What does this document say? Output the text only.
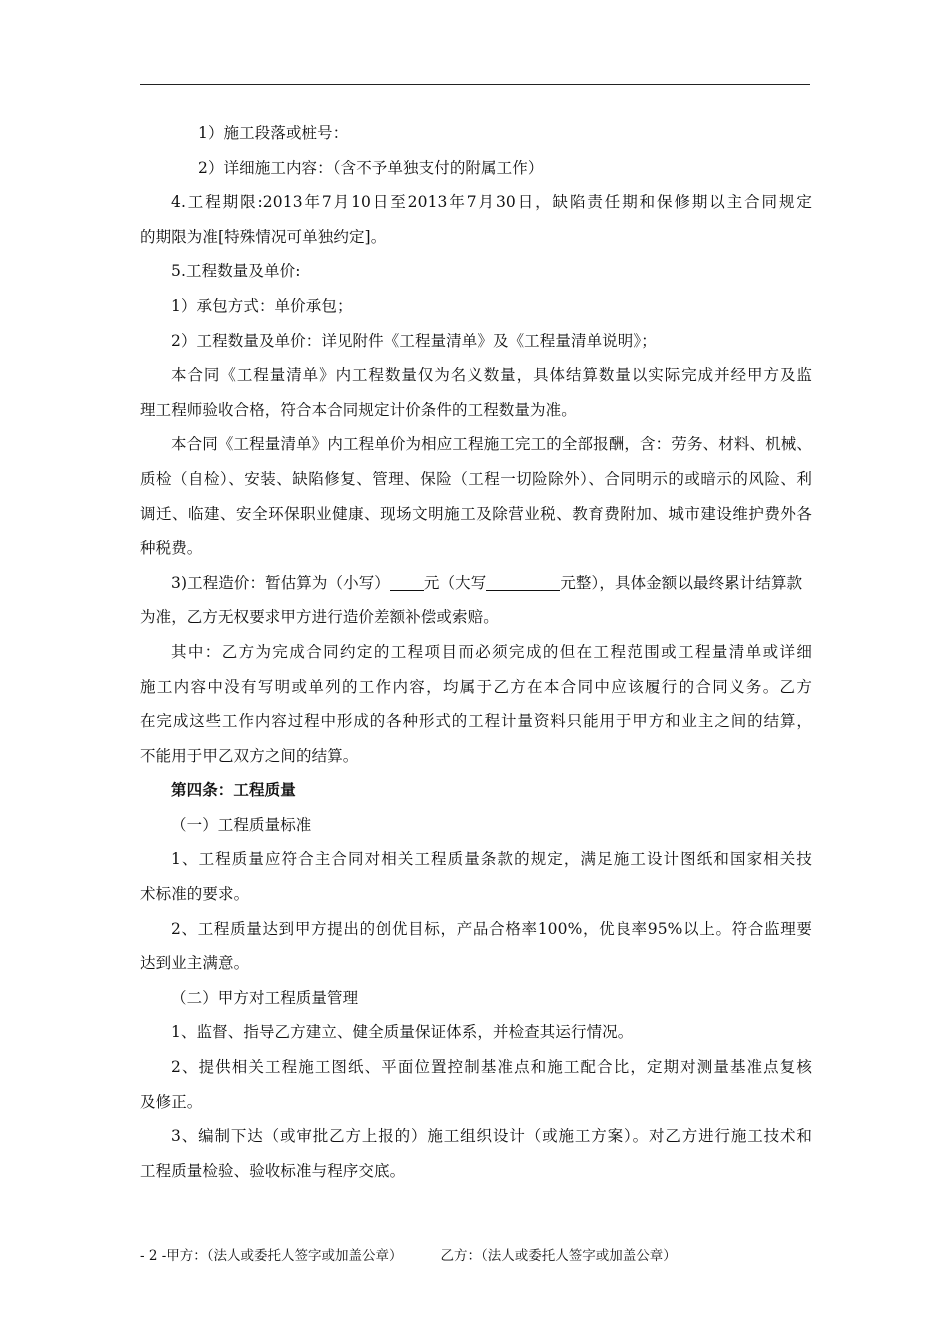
1）施工段落或桩号：
2）详细施工内容：（含不予单独支付的附属工作）
4.工程期限:2013年7月10日至2013年7月30日，缺陷责任期和保修期以主合同规定
的期限为准[特殊情况可单独约定]。
5.工程数量及单价:
1）承包方式：单价承包；
2）工程数量及单价：详见附件《工程量清单》及《工程量清单说明》；
本合同《工程量清单》内工程数量仅为名义数量，具体结算数量以实际完成并经甲方及监
理工程师验收合格，符合本合同规定计价条件的工程数量为准。
本合同《工程量清单》内工程单价为相应工程施工完工的全部报酬，含：劳务、材料、机械、
质检（自检）、安装、缺陷修复、管理、保险（工程一切险除外）、合同明示的或暗示的风险、利
调迁、临建、安全环保职业健康、现场文明施工及除营业税、教育费附加、城市建设维护费外各
种税费。
3)工程造价：暂估算为（小写） 元（大写	元整），具体金额以最终累计结算款
为准，乙方无权要求甲方进行造价差额补偿或索赔。
其中：乙方为完成合同约定的工程项目而必须完成的但在工程范围或工程量清单或详细
施工内容中没有写明或单列的工作内容，均属于乙方在本合同中应该履行的合同义务。乙方
在完成这些工作内容过程中形成的各种形式的工程计量资料只能用于甲方和业主之间的结算，
不能用于甲乙双方之间的结算。
第四条：工程质量
（一）工程质量标准
1、工程质量应符合主合同对相关工程质量条款的规定，满足施工设计图纸和国家相关技
术标准的要求。
2、工程质量达到甲方提出的创优目标，产品合格率100%，优良率95%以上。符合监理要
达到业主满意。
（二）甲方对工程质量管理
1、监督、指导乙方建立、健全质量保证体系，并检查其运行情况。
2、提供相关工程施工图纸、平面位置控制基准点和施工配合比，定期对测量基准点复核
及修正。
3、编制下达（或审批乙方上报的）施工组织设计（或施工方案）。对乙方进行施工技术和
工程质量检验、验收标准与程序交底。
- 2 -甲方：（法人或委托人签字或加盖公章）	乙方：（法人或委托人签字或加盖公章）
